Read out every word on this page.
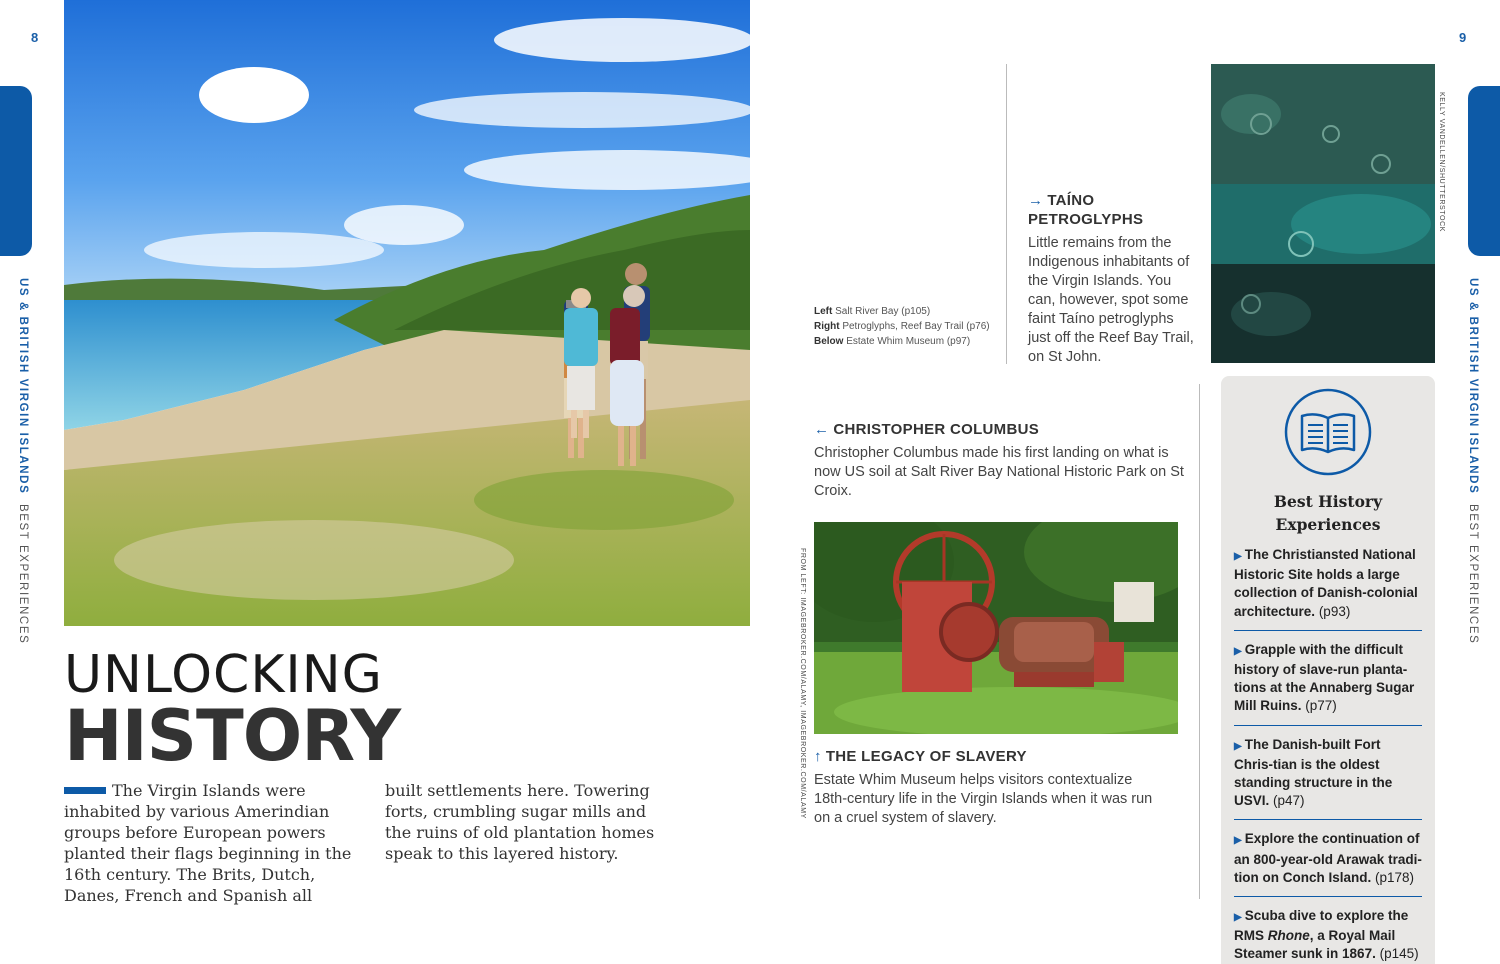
8	9
US & BRITISH VIRGIN ISLANDS  BEST EXPERIENCES
US & BRITISH VIRGIN ISLANDS  BEST EXPERIENCES
UNLOCKING
HISTORY
The Virgin Islands were inhabited by various Amerindian groups before European powers planted their flags beginning in the 16th century. The Brits, Dutch, Danes, French and Spanish all
built settlements here. Towering forts, crumbling sugar mills and the ruins of old plantation homes speak to this layered history.
FROM LEFT: IMAGEBROKER.COM/ALAMY, IMAGEBROKER.COM/ALAMY
KELLY VANDELLEN/SHUTTERSTOCK
Left Salt River Bay (p105)
Right Petroglyphs, Reef Bay Trail (p76) Below Estate Whim Museum (p97)
→ TAÍNO PETROGLYPHS
Little remains from the Indigenous inhabitants of the Virgin Islands. You can, however, spot some faint Taíno petroglyphs just off the Reef Bay Trail, on St John.
← CHRISTOPHER COLUMBUS
Christopher Columbus made his first landing on what is now US soil at Salt River Bay National Historic Park on St Croix.
↑ THE LEGACY OF SLAVERY
Estate Whim Museum helps visitors contextualize 18th-century life in the Virgin Islands when it was run on a cruel system of slavery.
Best History Experiences
▶ The Christiansted National Historic Site holds a large collection of Danish-colonial architecture. (p93)
▶ Grapple with the difficult history of slave-run planta-tions at the Annaberg Sugar Mill Ruins. (p77)
▶ The Danish-built Fort Chris-tian is the oldest standing structure in the USVI. (p47)
▶ Explore the continuation of an 800-year-old Arawak tradi-tion on Conch Island. (p178)
▶ Scuba dive to explore the RMS Rhone, a Royal Mail Steamer sunk in 1867. (p145)
